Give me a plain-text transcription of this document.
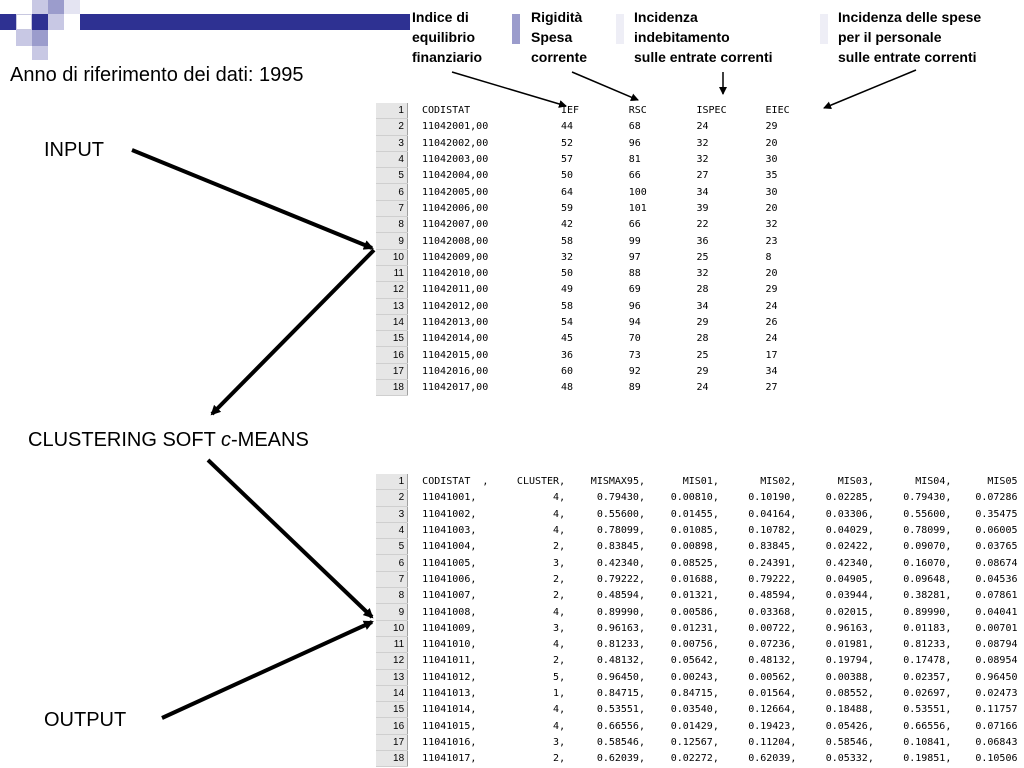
Indice di
equilibrio
finanziario
Rigidità
Spesa
corrente
Incidenza
indebitamento
sulle entrate correnti
Incidenza delle spese
per il personale
sulle entrate correnti
Anno di riferimento dei dati: 1995
INPUT
CLUSTERING SOFT c-MEANS
OUTPUT
1	CODISTAT	IEF	RSC	ISPEC	EIEC
2	11042001,00	44	68	24	29
3	11042002,00	52	96	32	20
4	11042003,00	57	81	32	30
5	11042004,00	50	66	27	35
6	11042005,00	64	100	34	30
7	11042006,00	59	101	39	20
8	11042007,00	42	66	22	32
9	11042008,00	58	99	36	23
10	11042009,00	32	97	25	8
11	11042010,00	50	88	32	20
12	11042011,00	49	69	28	29
13	11042012,00	58	96	34	24
14	11042013,00	54	94	29	26
15	11042014,00	45	70	28	24
16	11042015,00	36	73	25	17
17	11042016,00	60	92	29	34
18	11042017,00	48	89	24	27
1	CODISTAT  ,	CLUSTER,	MISMAX95,	MIS01,	MIS02,	MIS03,	MIS04,	MIS05
2	11041001,	4,	0.79430,	0.00810,	0.10190,	0.02285,	0.79430,	0.07286
3	11041002,	4,	0.55600,	0.01455,	0.04164,	0.03306,	0.55600,	0.35475
4	11041003,	4,	0.78099,	0.01085,	0.10782,	0.04029,	0.78099,	0.06005
5	11041004,	2,	0.83845,	0.00898,	0.83845,	0.02422,	0.09070,	0.03765
6	11041005,	3,	0.42340,	0.08525,	0.24391,	0.42340,	0.16070,	0.08674
7	11041006,	2,	0.79222,	0.01688,	0.79222,	0.04905,	0.09648,	0.04536
8	11041007,	2,	0.48594,	0.01321,	0.48594,	0.03944,	0.38281,	0.07861
9	11041008,	4,	0.89990,	0.00586,	0.03368,	0.02015,	0.89990,	0.04041
10	11041009,	3,	0.96163,	0.01231,	0.00722,	0.96163,	0.01183,	0.00701
11	11041010,	4,	0.81233,	0.00756,	0.07236,	0.01981,	0.81233,	0.08794
12	11041011,	2,	0.48132,	0.05642,	0.48132,	0.19794,	0.17478,	0.08954
13	11041012,	5,	0.96450,	0.00243,	0.00562,	0.00388,	0.02357,	0.96450
14	11041013,	1,	0.84715,	0.84715,	0.01564,	0.08552,	0.02697,	0.02473
15	11041014,	4,	0.53551,	0.03540,	0.12664,	0.18488,	0.53551,	0.11757
16	11041015,	4,	0.66556,	0.01429,	0.19423,	0.05426,	0.66556,	0.07166
17	11041016,	3,	0.58546,	0.12567,	0.11204,	0.58546,	0.10841,	0.06843
18	11041017,	2,	0.62039,	0.02272,	0.62039,	0.05332,	0.19851,	0.10506
